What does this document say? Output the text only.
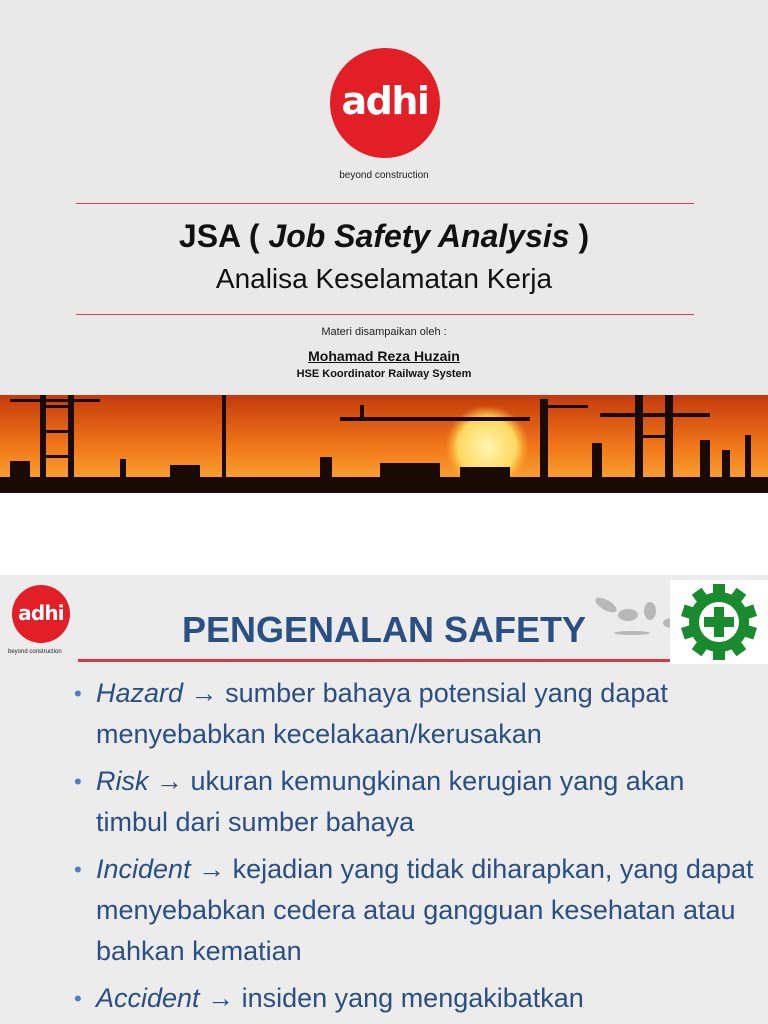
adhi
beyond construction
JSA ( Job Safety Analysis )
Analisa Keselamatan Kerja
Materi disampaikan oleh :
Mohamad Reza Huzain
HSE Koordinator Railway System
adhi
beyond construction
PENGENALAN SAFETY
• Hazard → sumber bahaya potensial yang dapat menyebabkan kecelakaan/kerusakan
• Risk → ukuran kemungkinan kerugian yang akan timbul dari sumber bahaya
• Incident → kejadian yang tidak diharapkan, yang dapat menyebabkan cedera atau gangguan kesehatan atau bahkan kematian
• Accident → insiden yang mengakibatkan
